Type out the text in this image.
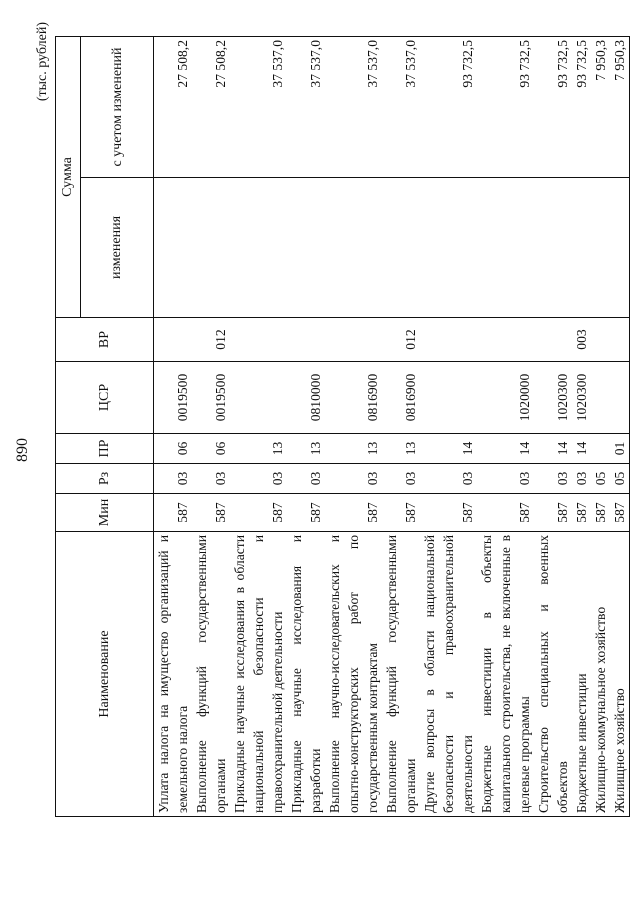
890
(тыс. рублей)
Наименование	Мин	Рз	ПР	ЦСР	ВР	Сумма	
						изменения	с учетом изменений
Уплата налога на имущество организаций и земельного налога	587	03	06	0019500			27 508,2
Выполнение функций государственными органами	587	03	06	0019500	012		27 508,2
Прикладные научные исследования в области национальной безопасности и правоохранительной деятельности	587	03	13				37 537,0
Прикладные научные исследования и разработки	587	03	13	0810000			37 537,0
Выполнение научно-исследовательских и опытно-конструкторских работ по государственным контрактам	587	03	13	0816900			37 537,0
Выполнение функций государственными органами	587	03	13	0816900	012		37 537,0
Другие вопросы в области национальной безопасности и правоохранительной деятельности	587	03	14				93 732,5
Бюджетные инвестиции в объекты капитального строительства, не включенные в целевые программы	587	03	14	1020000			93 732,5
Строительство специальных и военных объектов	587	03	14	1020300			93 732,5
Бюджетные инвестиции	587	03	14	1020300	003		93 732,5
Жилищно-коммунальное хозяйство	587	05					7 950,3
Жилищное хозяйство	587	05	01				7 950,3
